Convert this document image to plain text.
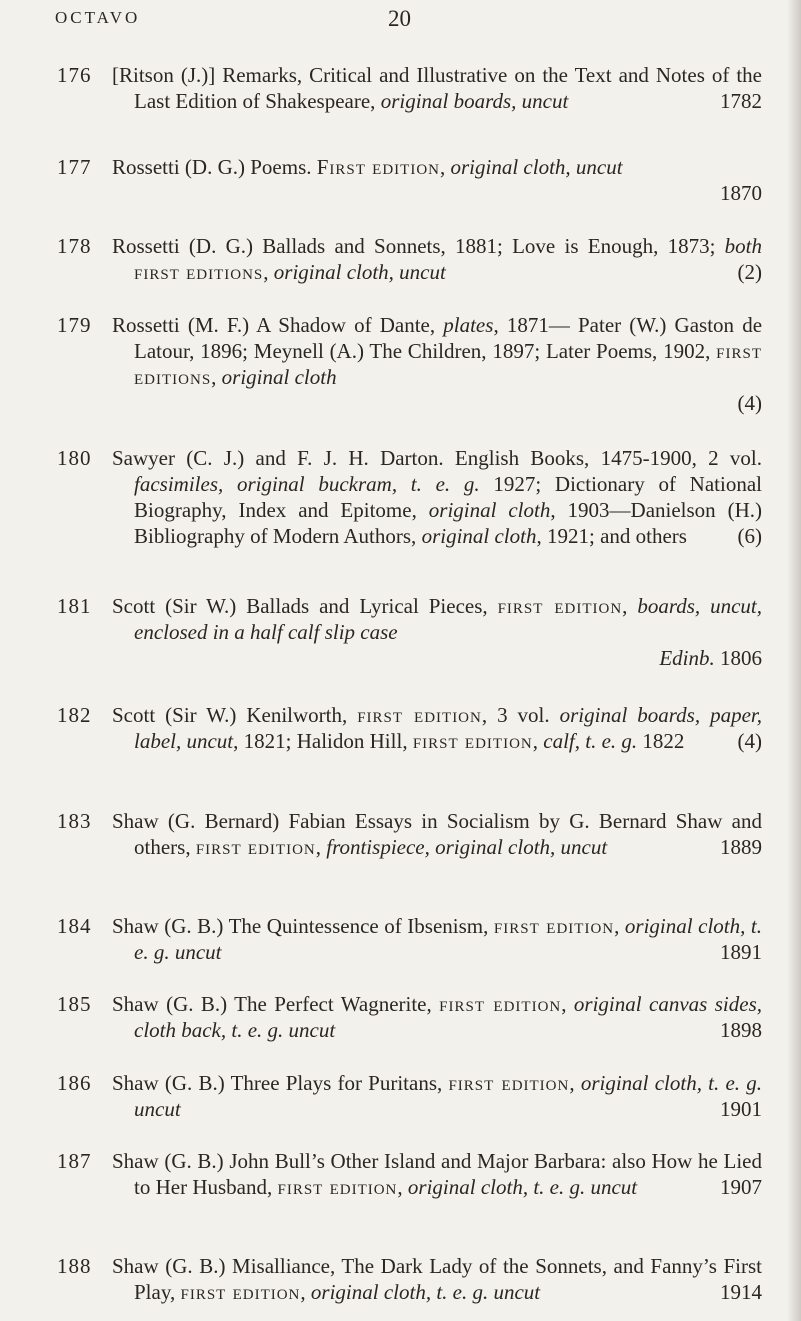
OCTAVO	20
176 [Ritson (J.)] Remarks, Critical and Illustrative on the Text and Notes of the Last Edition of Shakespeare, original boards, uncut	1782
177 Rossetti (D. G.) Poems. First edition, original cloth, uncut
1870
178 Rossetti (D. G.) Ballads and Sonnets, 1881; Love is Enough, 1873; both first editions, original cloth, uncut	(2)
179 Rossetti (M. F.) A Shadow of Dante, plates, 1871— Pater (W.) Gaston de Latour, 1896; Meynell (A.) The Children, 1897; Later Poems, 1902, first editions, original cloth
(4)
180 Sawyer (C. J.) and F. J. H. Darton. English Books, 1475-1900, 2 vol. facsimiles, original buckram, t. e. g. 1927; Dictionary of National Biography, Index and Epitome, original cloth, 1903—Danielson (H.) Bibliography of Modern Authors, original cloth, 1921; and others (6)
181 Scott (Sir W.) Ballads and Lyrical Pieces, first edition, boards, uncut, enclosed in a half calf slip case
Edinb. 1806
182 Scott (Sir W.) Kenilworth, first edition, 3 vol. original boards, paper, label, uncut, 1821; Halidon Hill, first edition, calf, t. e. g. 1822	(4)
183 Shaw (G. Bernard) Fabian Essays in Socialism by G. Bernard Shaw and others, first edition, frontispiece, original cloth, uncut	1889
184 Shaw (G. B.) The Quintessence of Ibsenism, first edition, original cloth, t. e. g. uncut	1891
185 Shaw (G. B.) The Perfect Wagnerite, first edition, original canvas sides, cloth back, t. e. g. uncut	1898
186 Shaw (G. B.) Three Plays for Puritans, first edition, original cloth, t. e. g. uncut	1901
187 Shaw (G. B.) John Bull’s Other Island and Major Barbara: also How he Lied to Her Husband, first edition, original cloth, t. e. g. uncut	1907
188 Shaw (G. B.) Misalliance, The Dark Lady of the Sonnets, and Fanny’s First Play, first edition, original cloth, t. e. g. uncut	1914
